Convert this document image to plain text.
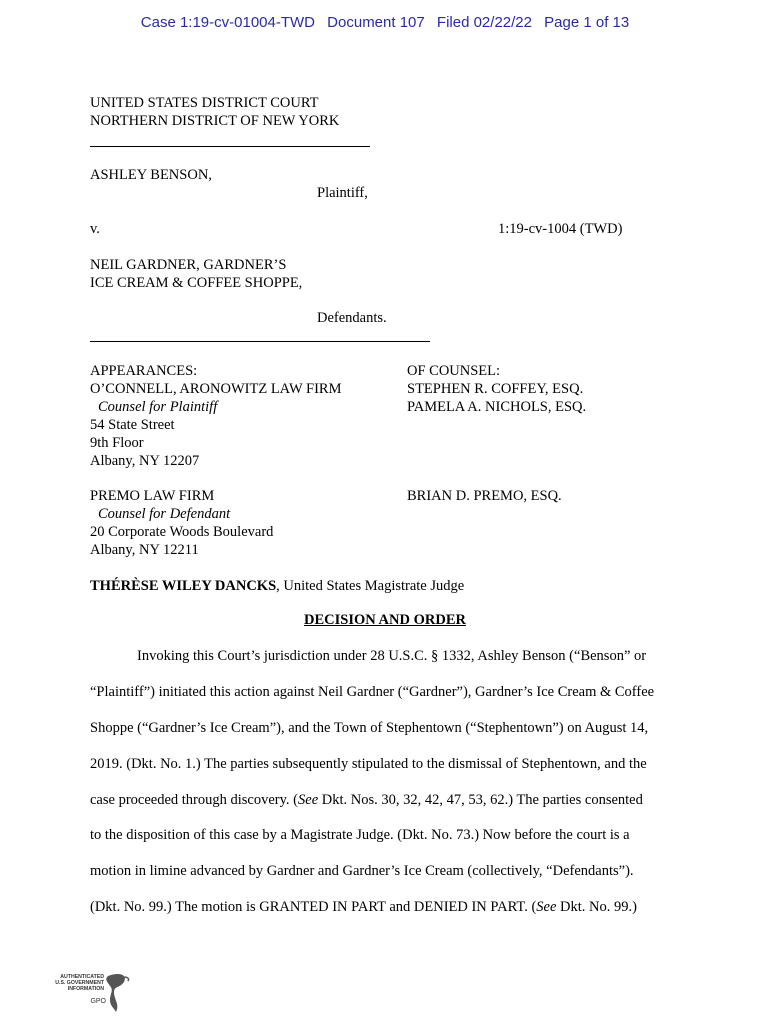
Case 1:19-cv-01004-TWD Document 107 Filed 02/22/22 Page 1 of 13
UNITED STATES DISTRICT COURT
NORTHERN DISTRICT OF NEW YORK
ASHLEY BENSON,
Plaintiff,
v.	1:19-cv-1004 (TWD)
NEIL GARDNER, GARDNER’S
ICE CREAM & COFFEE SHOPPE,
Defendants.
APPEARANCES:
O’CONNELL, ARONOWITZ LAW FIRM
Counsel for Plaintiff
54 State Street
9th Floor
Albany, NY 12207
OF COUNSEL:
STEPHEN R. COFFEY, ESQ.
PAMELA A. NICHOLS, ESQ.
PREMO LAW FIRM
Counsel for Defendant
20 Corporate Woods Boulevard
Albany, NY 12211
BRIAN D. PREMO, ESQ.
THÉRÈSE WILEY DANCKS, United States Magistrate Judge
DECISION AND ORDER
Invoking this Court’s jurisdiction under 28 U.S.C. § 1332, Ashley Benson (“Benson” or
“Plaintiff”) initiated this action against Neil Gardner (“Gardner”), Gardner’s Ice Cream & Coffee
Shoppe (“Gardner’s Ice Cream”), and the Town of Stephentown (“Stephentown”) on August 14,
2019. (Dkt. No. 1.) The parties subsequently stipulated to the dismissal of Stephentown, and the
case proceeded through discovery. (See Dkt. Nos. 30, 32, 42, 47, 53, 62.) The parties consented
to the disposition of this case by a Magistrate Judge. (Dkt. No. 73.) Now before the court is a
motion in limine advanced by Gardner and Gardner’s Ice Cream (collectively, “Defendants”).
(Dkt. No. 99.) The motion is GRANTED IN PART and DENIED IN PART. (See Dkt. No. 99.)
AUTHENTICATED
U.S. GOVERNMENT
INFORMATION
GPO
